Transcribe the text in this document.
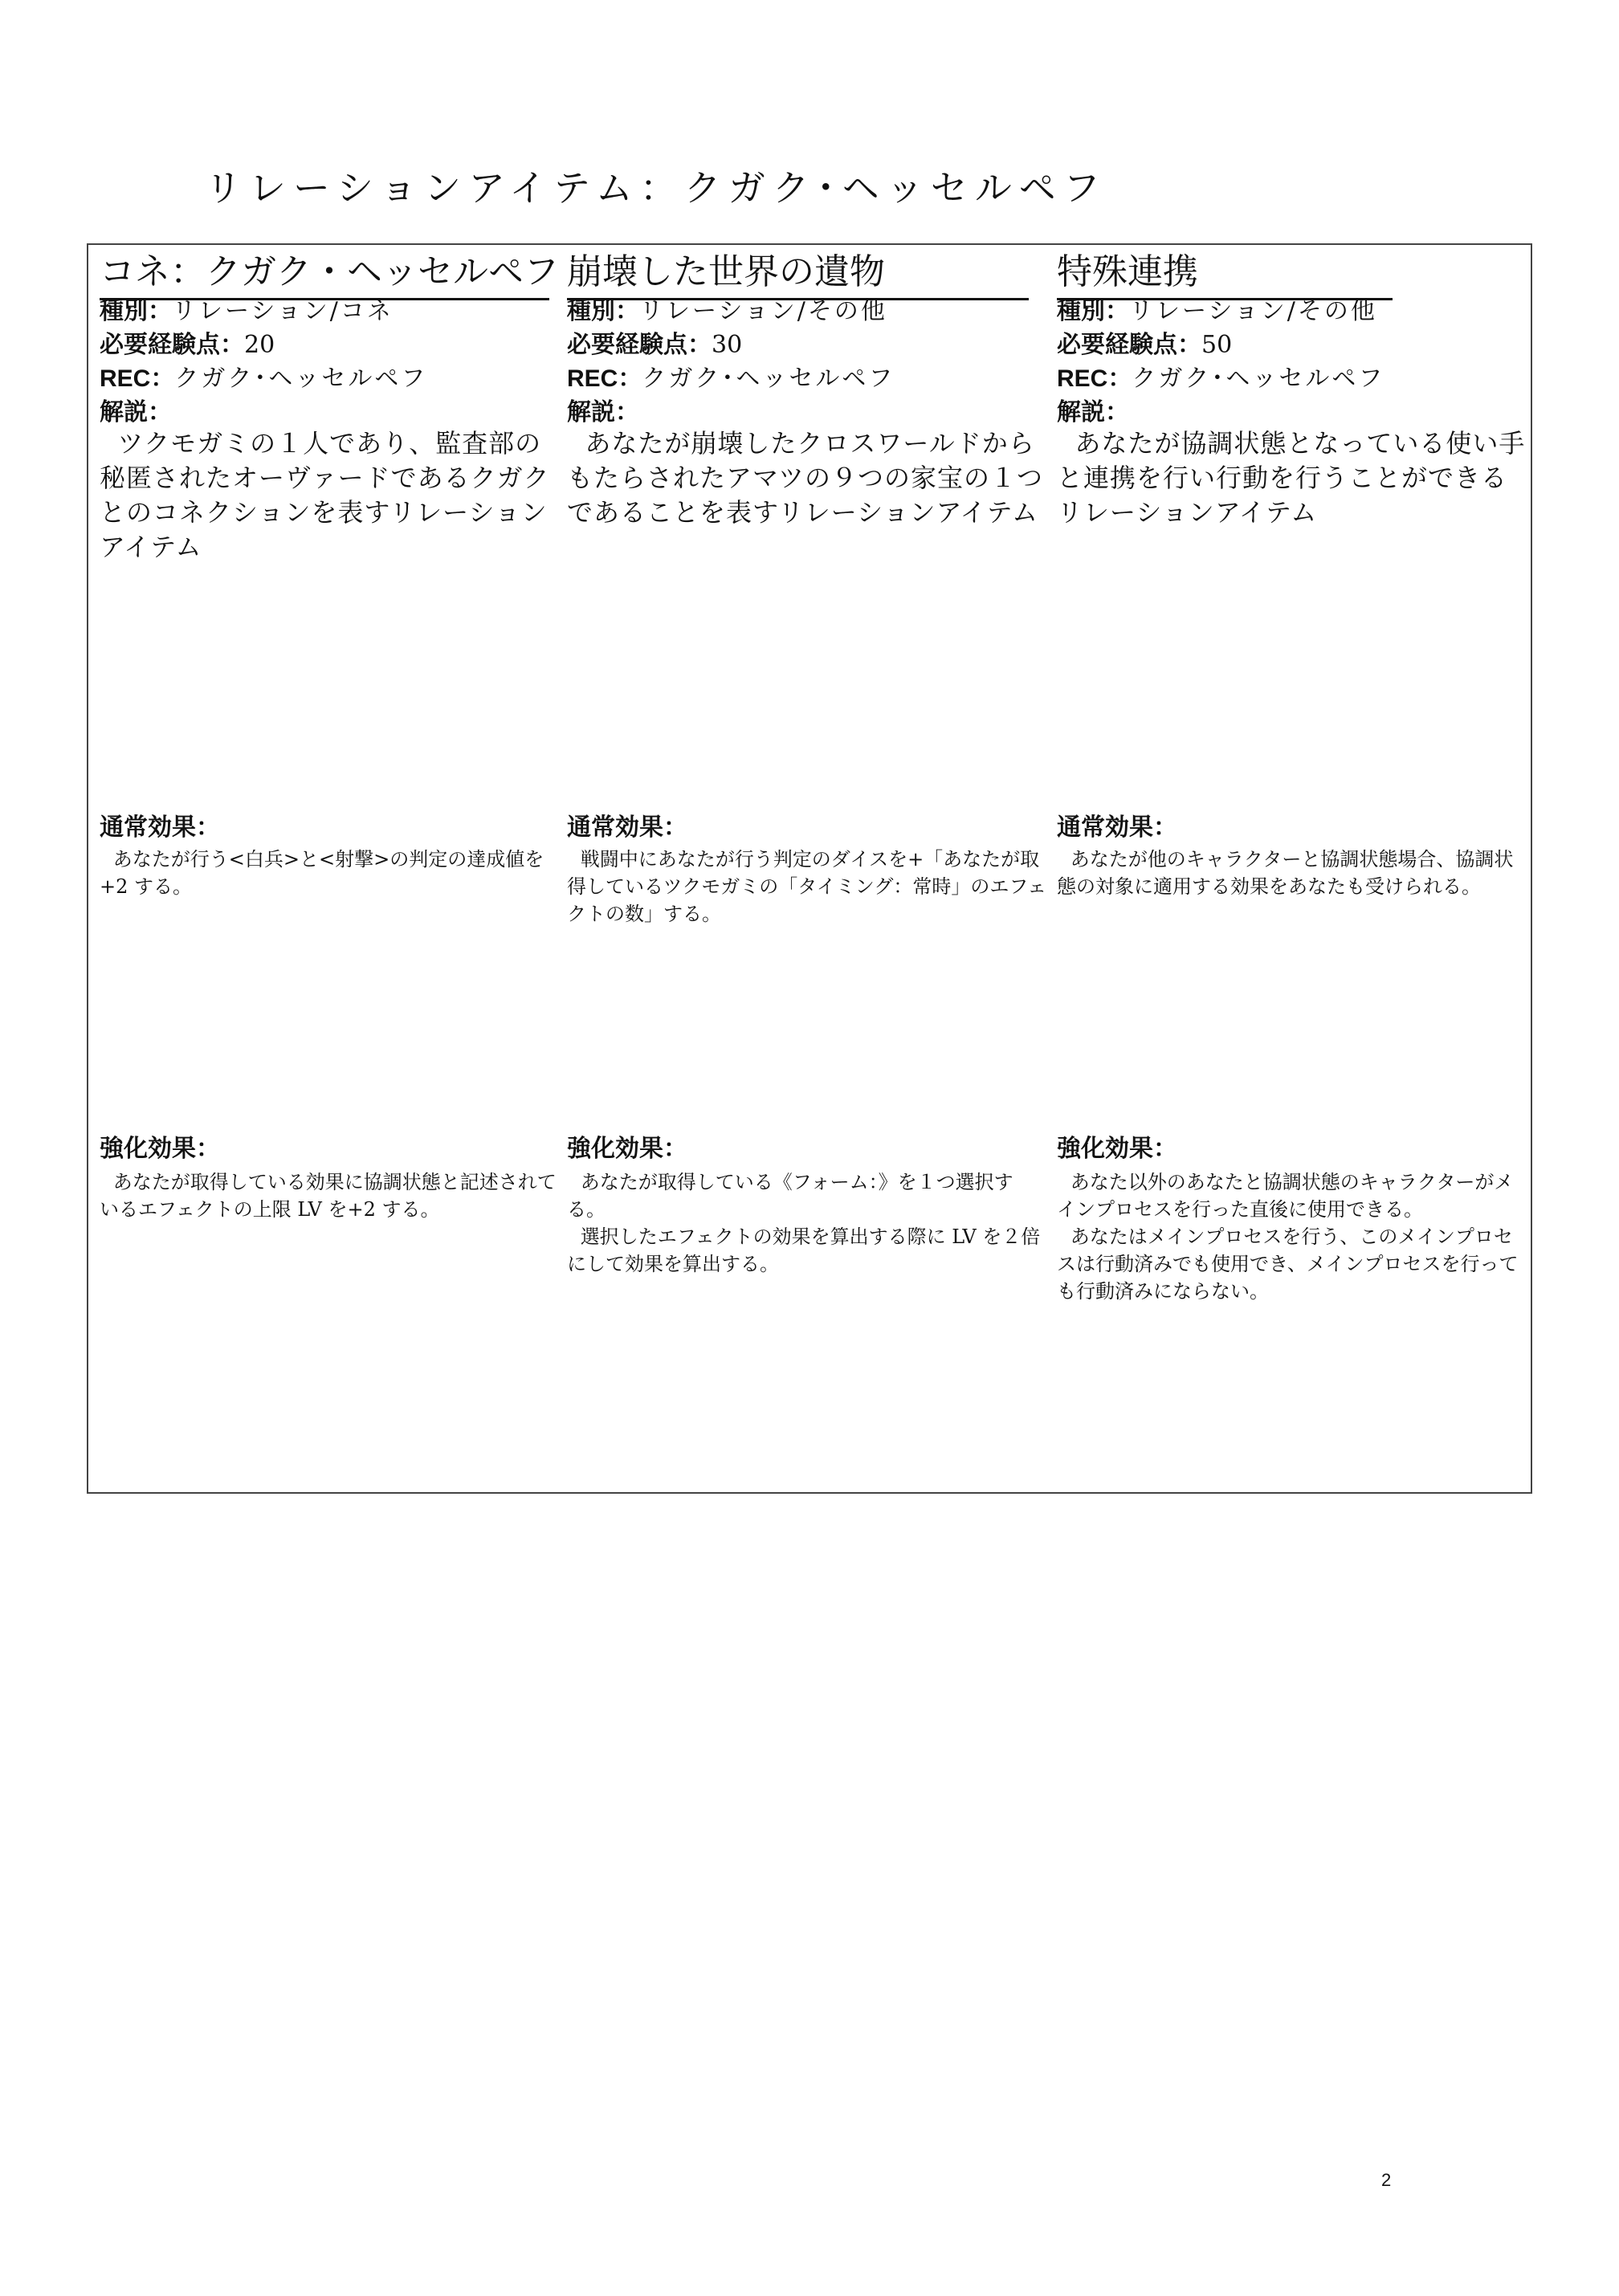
リレーションアイテム：クガク･ヘッセルペフ
コネ：クガク・ヘッセルペフ
種別：リレーション/コネ
必要経験点：20
REC：クガク･ヘッセルペフ
解説：
ツクモガミの１人であり、監査部の秘匿されたオーヴァードであるクガクとのコネクションを表すリレーションアイテム
通常効果：

あなたが行う<白兵>と<射撃>の判定の達成値を+2 する。

強化効果：

あなたが取得している効果に協調状態と記述されているエフェクトの上限 LV を+2 する。

崩壊した世界の遺物
種別：リレーション/その他
必要経験点：30
REC：クガク･ヘッセルペフ
解説：
あなたが崩壊したクロスワールドからもたらされたアマツの９つの家宝の１つであることを表すリレーションアイテム
通常効果：

戦闘中にあなたが行う判定のダイスを+「あなたが取得しているツクモガミの「タイミング：常時」のエフェクトの数」する。

強化効果：

あなたが取得している《フォーム：》を１つ選択する。

選択したエフェクトの効果を算出する際に LV を２倍にして効果を算出する。

特殊連携
種別：リレーション/その他
必要経験点：50
REC：クガク･ヘッセルペフ
解説：
あなたが協調状態となっている使い手と連携を行い行動を行うことができるリレーションアイテム
通常効果：

あなたが他のキャラクターと協調状態場合、協調状態の対象に適用する効果をあなたも受けられる。

強化効果：

あなた以外のあなたと協調状態のキャラクターがメインプロセスを行った直後に使用できる。

あなたはメインプロセスを行う、このメインプロセスは行動済みでも使用でき、メインプロセスを行っても行動済みにならない。

2
